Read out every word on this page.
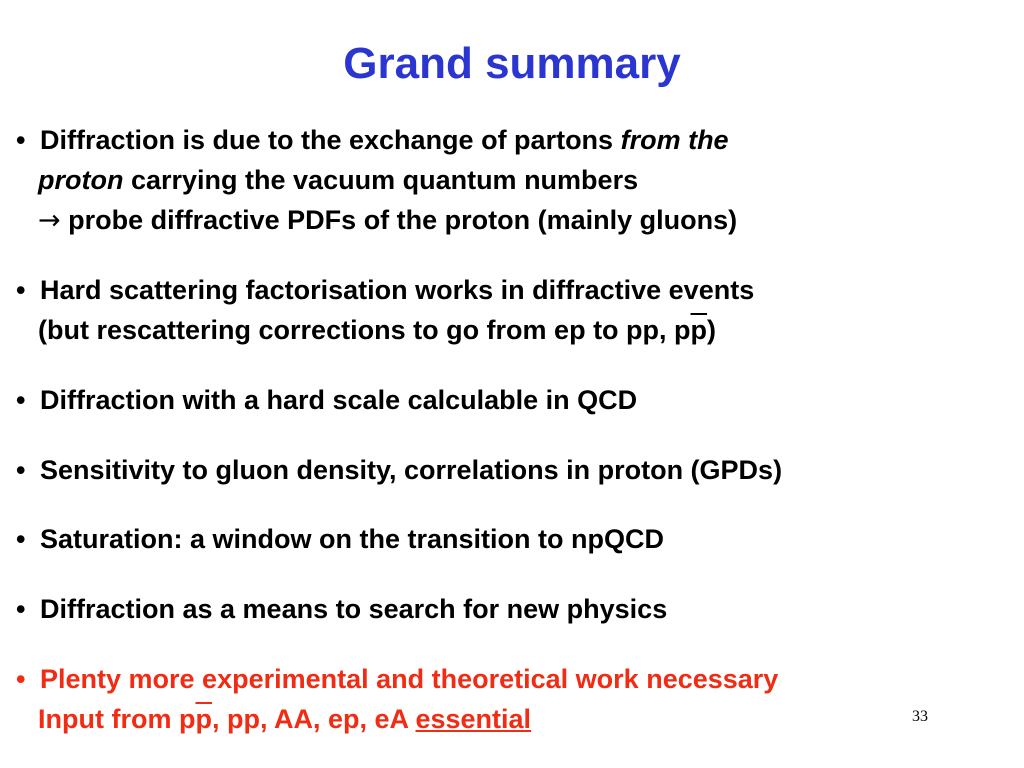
Grand summary
• Diffraction is due to the exchange of partons from the
proton carrying the vacuum quantum numbers
→ probe diffractive PDFs of the proton (mainly gluons)
• Hard scattering factorisation works in diffractive events
(but rescattering corrections to go from ep to pp, $p\overline{p}$)
• Diffraction with a hard scale calculable in QCD
• Sensitivity to gluon density, correlations in proton (GPDs)
• Saturation: a window on the transition to npQCD
• Diffraction as a means to search for new physics
• Plenty more experimental and theoretical work necessary
Input from $p\overline{p}$, pp, AA, ep, eA essential	33
